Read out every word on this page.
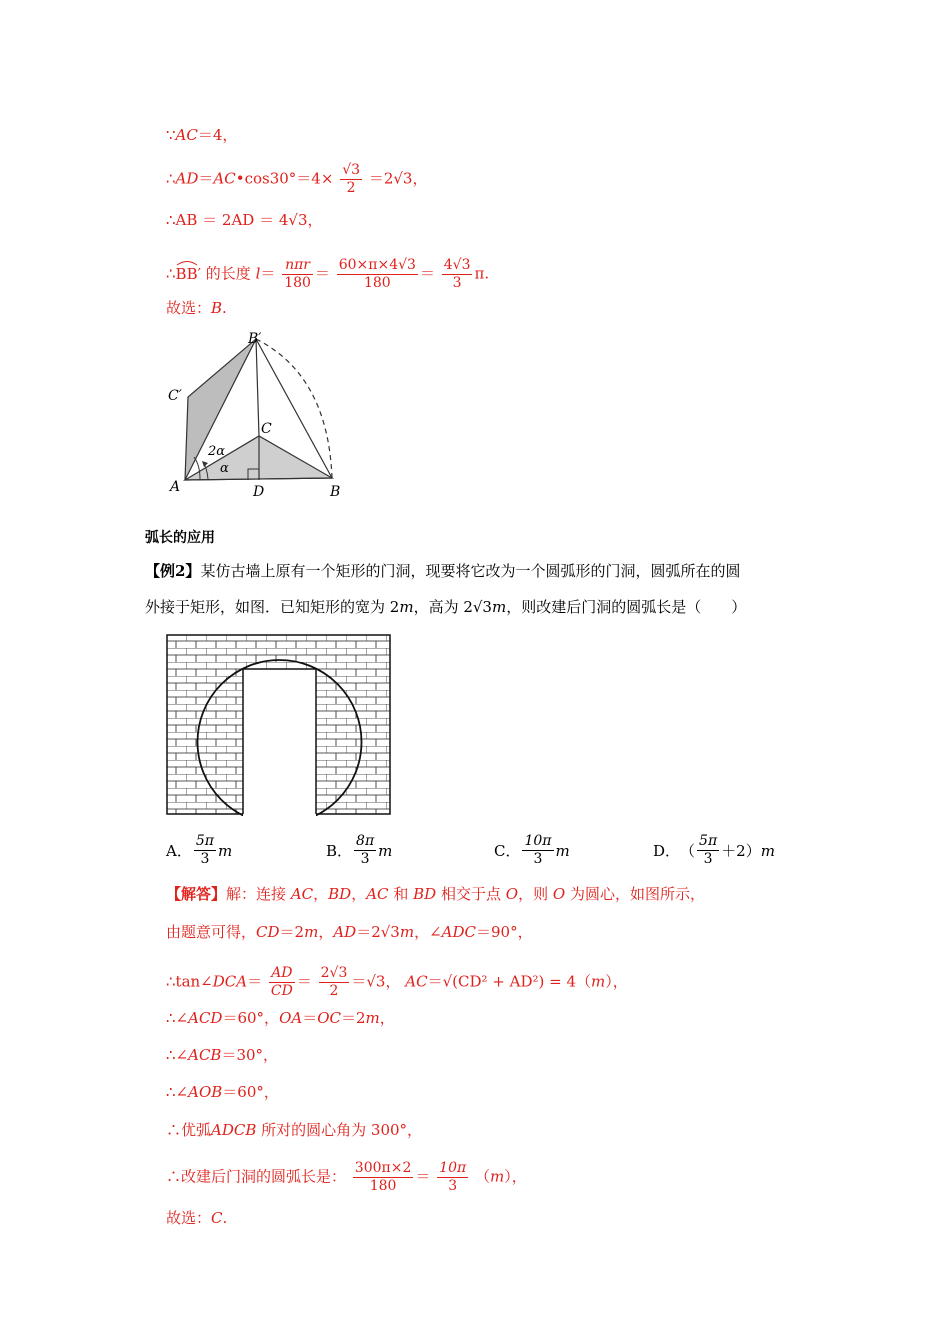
∵AC＝4，
∴AD＝AC•cos30°＝4× $\frac{√3}{2} =2√3$，
∴AB ＝ 2AD ＝ 4√3，
∴BB′ 的长度 $l= \frac{\text{nπr}}{180} = \frac{60\times\pi\times 4√3}{180} = \frac{4√3}{3} \pi$.
故选：B.
B′
C′
C
A	D	B
2α
α
弧长的应用
【例2】某仿古墙上原有一个矩形的门洞，现要将它改为一个圆弧形的门洞，圆弧所在的圆
外接于矩形，如图．已知矩形的宽为 2m，高为 2√3m，则改建后门洞的圆弧长是（　　）
A． $\frac{5\pi}{3}$ m	B． $\frac{8\pi}{3}$ m	C． $\frac{10\pi}{3}$ m	D． （ $\frac{5\pi}{3} +2$） m
【解答】解：连接 AC，BD，AC 和 BD 相交于点 O，则 O 为圆心，如图所示，
由题意可得，CD＝2m，AD＝2√3m，∠ADC＝90°，
∴tan∠DCA＝ $\frac{AD}{CD} = \frac{2√3}{2} =√3$， AC＝√(CD² + AD²) = 4（m），
∴∠ACD＝60°，OA＝OC＝2m，
∴∠ACB＝30°，
∴∠AOB＝60°，
∴优弧ADCB 所对的圆心角为 300°，
∴改建后门洞的圆弧长是： $\frac{300\pi\times 2}{180} = \frac{10\pi}{3} (m)$，
故选：C.
